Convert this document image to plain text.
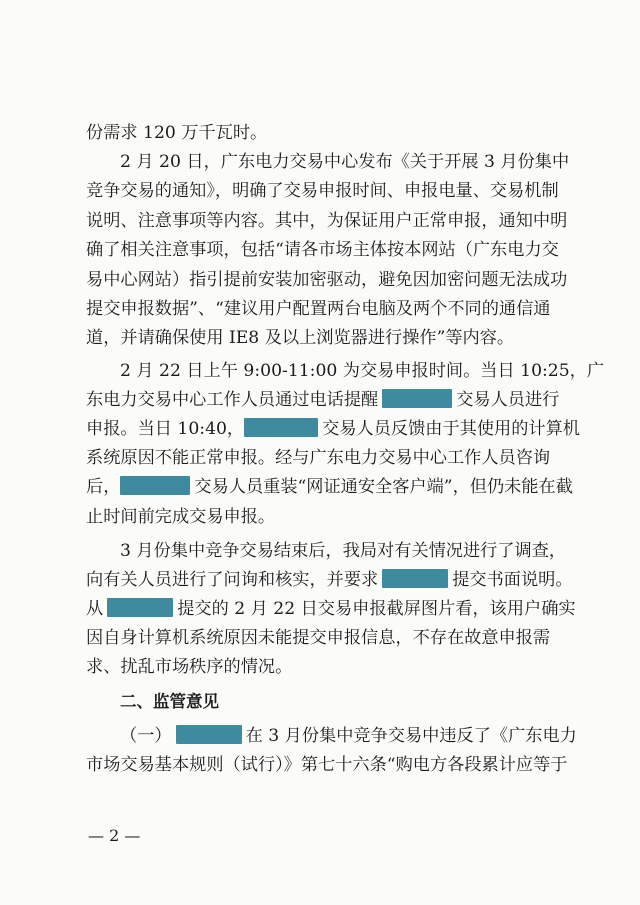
份需求 120 万千瓦时。
2 月 20 日，广东电力交易中心发布《关于开展 3 月份集中
竞争交易的通知》，明确了交易申报时间、申报电量、交易机制
说明、注意事项等内容。其中，为保证用户正常申报，通知中明
确了相关注意事项，包括“请各市场主体按本网站（广东电力交
易中心网站）指引提前安装加密驱动，避免因加密问题无法成功
提交申报数据”、“建议用户配置两台电脑及两个不同的通信通
道，并请确保使用 IE8 及以上浏览器进行操作”等内容。
2 月 22 日上午 9:00-11:00 为交易申报时间。当日 10:25，广
东电力交易中心工作人员通过电话提醒	交易人员进行
申报。当日 10:40，	交易人员反馈由于其使用的计算机
系统原因不能正常申报。经与广东电力交易中心工作人员咨询
后，	交易人员重装“网证通安全客户端”，但仍未能在截
止时间前完成交易申报。
3 月份集中竞争交易结束后，我局对有关情况进行了调查，
向有关人员进行了问询和核实，并要求	提交书面说明。
从	提交的 2 月 22 日交易申报截屏图片看，该用户确实
因自身计算机系统原因未能提交申报信息，不存在故意申报需
求、扰乱市场秩序的情况。
二、监管意见
（一）	在 3 月份集中竞争交易中违反了《广东电力
市场交易基本规则（试行）》第七十六条“购电方各段累计应等于
— 2 —
